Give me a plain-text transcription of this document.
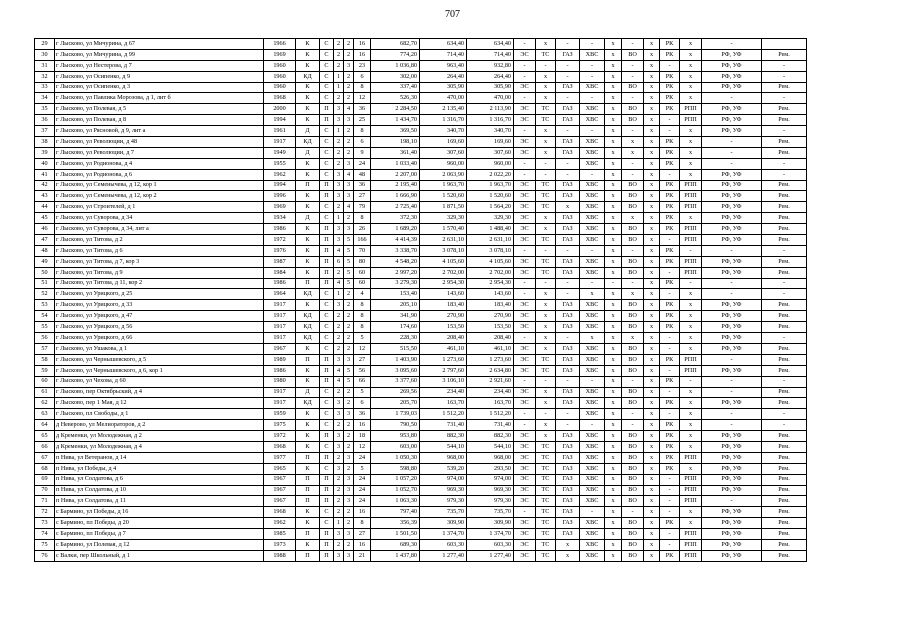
707
29	г Лысково, ул Мичурина, д 67	1966	К	С	2	2	16	682,70	634,40	634,40	-	х	-	-	х	-	х	РК	х	-	
30	г Лысково, ул Мичурина, д 99	1969	К	С	2	2	16	774,20	714,40	714,40	ЭС	ТС	ГАЗ	ХВС	х	ВО	х	РК	х	РФ, УФ	Рем.
31	г Лысково, ул Нестерова, д 7	1960	К	С	2	3	23	1 036,80	963,40	932,80	-	-	-	-	х	-	х	-	х	РФ, УФ	-
32	г Лысково, ул Осипенко, д 9	1960	КД	С	1	2	6	302,00	264,40	264,40	-	х	-	-	х	-	х	РК	х	РФ, УФ	-
33	г Лысково, ул Осипенко, д 3	1960	К	С	1	2	8	337,40	305,90	305,90	ЭС	х	ГАЗ	ХВС	х	ВО	х	РК	х	РФ, УФ	Рем.
34	г Лысково, ул Павлика Морозова, д 1, лит б	1968	К	С	2	2	12	526,30	470,00	470,00	-	х	-	-	х	-	х	РК	х	-	-
35	г Лысково, ул Полевая, д 5	2000	К	П	3	4	36	2 284,50	2 135,40	2 113,90	ЭС	ТС	ГАЗ	ХВС	х	ВО	х	РК	РПП	РФ, УФ	Рем.
36	г Лысково, ул Полевая, д 8	1994	К	П	3	3	25	1 434,70	1 316,70	1 316,70	ЭС	ТС	ГАЗ	ХВС	х	ВО	х	-	РПП	РФ, УФ	Рем.
37	г Лысково, ул Рясновой, д 9, лит а	1961	Д	С	1	2	8	369,50	340,70	340,70	-	х	-	-	х	-	х	-	х	РФ, УФ	-
38	г Лысково, ул Революции, д 48	1917	КД	С	2	2	6	198,10	169,60	169,60	ЭС	х	ГАЗ	ХВС	х	х	х	РК	х	-	Рем.
39	г Лысково, ул Революции, д 7	1949	Д	С	2	2	9	361,40	307,60	307,60	ЭС	х	ГАЗ	ХВС	х	х	х	РК	х	-	Рем.
40	г Лысково, ул Родионова, д 4	1955	К	С	2	3	24	1 033,40	960,00	960,00	-	-	-	ХВС	х	-	х	РК	х	-	-
41	г Лысково, ул Родионова, д 6	1962	К	С	3	4	48	2 207,00	2 063,90	2 022,20	-	-	-	-	х	-	х	-	х	РФ, УФ	-
42	г Лысково, ул Семенычева, д 12, кор 1	1994	П	П	3	3	36	2 195,40	1 963,70	1 963,70	ЭС	ТС	ГАЗ	ХВС	х	ВО	х	РК	РПП	РФ, УФ	Рем.
43	г Лысково, ул Семенычева, д 12, кор 2	1996	К	П	3	3	27	1 666,90	1 520,60	1 520,60	ЭС	ТС	ГАЗ	ХВС	х	ВО	х	РК	РПП	РФ, УФ	Рем.
44	г Лысково, ул Строителей, д 1	1969	К	С	2	4	79	2 725,40	1 871,50	1 564,20	ЭС	ТС	х	ХВС	х	ВО	х	РК	РПП	РФ, УФ	Рем.
45	г Лысково, ул Суворова, д 34	1934	Д	С	1	2	8	372,30	329,30	329,30	ЭС	х	ГАЗ	ХВС	х	х	х	РК	х	РФ, УФ	Рем.
46	г Лысково, ул Суворова, д 34, лит а	1986	К	П	3	3	26	1 689,20	1 570,40	1 488,40	ЭС	х	ГАЗ	ХВС	х	ВО	х	РК	РПП	РФ, УФ	Рем.
47	г Лысково, ул Титова, д 2	1972	К	П	3	5	166	4 414,39	2 631,10	2 631,10	ЭС	ТС	ГАЗ	ХВС	х	ВО	х	-	РПП	РФ, УФ	Рем.
48	г Лысково, ул Титова, д 6	1976	К	П	4	5	70	3 338,70	3 078,10	3 078,10	-	-	-	-	х	-	х	РК	-	-	-
49	г Лысково, ул Титова, д 7, кор 3	1987	К	П	6	5	80	4 548,20	4 105,60	4 105,60	ЭС	ТС	ГАЗ	ХВС	х	ВО	х	РК	РПП	РФ, УФ	Рем.
50	г Лысково, ул Титова, д 9	1984	К	П	2	5	60	2 997,20	2 702,00	2 702,00	ЭС	ТС	ГАЗ	ХВС	х	ВО	х	-	РПП	РФ, УФ	Рем.
51	г Лысково, ул Титова, д 11, кор 2	1986	П	П	4	5	60	3 279,30	2 954,30	2 954,30	-	-	-	-	-	-	х	РК	-	-	-
52	г Лысково, ул Урицкого, д 25	1964	КД	С	1	2	4	153,40	143,60	143,60	-	х	-	х	х	х	х	-	х	-	-
53	г Лысково, ул Урицкого, д 33	1917	К	С	3	2	8	205,10	183,40	183,40	ЭС	х	ГАЗ	ХВС	х	ВО	х	РК	х	РФ, УФ	Рем.
54	г Лысково, ул Урицкого, д 47	1917	КД	С	2	2	8	341,90	270,90	270,90	ЭС	х	ГАЗ	ХВС	х	ВО	х	РК	х	РФ, УФ	Рем.
55	г Лысково, ул Урицкого, д 56	1917	КД	С	2	2	8	174,60	153,50	153,50	ЭС	х	ГАЗ	ХВС	х	ВО	х	РК	х	РФ, УФ	Рем.
56	г Лысково, ул Урицкого, д 66	1917	КД	С	2	2	5	228,30	208,40	208,40	-	х	-	х	х	х	х	-	х	РФ, УФ	-
57	г Лысково, ул Ушакова, д 1	1967	К	С	2	2	12	515,50	461,10	461,10	ЭС	х	ГАЗ	ХВС	х	ВО	х	-	х	РФ, УФ	Рем.
58	г Лысково, ул Чернышевского, д 5	1989	П	П	3	3	27	1 403,90	1 273,60	1 273,60	ЭС	ТС	ГАЗ	ХВС	х	ВО	х	РК	РПП	-	Рем.
59	г Лысково, ул Чернышевского, д 6, кор 1	1986	К	П	4	5	56	3 095,60	2 797,60	2 634,80	ЭС	ТС	ГАЗ	ХВС	х	ВО	х	-	РПП	РФ, УФ	Рем.
60	г Лысково, ул Чехова, д 60	1980	К	П	4	5	66	3 377,60	3 106,10	2 921,60	-	-	-	-	х	-	х	РК	-	-	-
61	г Лысково, пер Октябрьский, д 4	1917	Д	С	2	2	5	269,56	234,40	234,40	ЭС	х	ГАЗ	ХВС	х	ВО	х	-	х	-	Рем.
62	г Лысково, пер 1 Мая, д 12	1917	КД	С	3	2	6	205,70	163,70	163,70	ЭС	х	ГАЗ	ХВС	х	ВО	х	РК	х	РФ, УФ	Рем.
63	г Лысково, пл Свободы, д 1	1959	К	С	3	3	36	1 739,03	1 512,20	1 512,20	-	-	-	ХВС	х	-	х	-	х	-	-
64	д Неверово, ул Мелиораторов, д 2	1975	К	С	2	2	16	790,50	731,40	731,40	-	х	-	-	х	-	х	РК	х	-	-
65	д Кременки, ул Молодежная, д 2	1972	К	П	3	2	18	953,80	882,30	882,30	ЭС	х	ГАЗ	ХВС	х	ВО	х	РК	х	РФ, УФ	Рем.
66	д Кременки, ул Молодежная, д 4	1968	К	С	3	2	12	603,00	544,10	544,10	ЭС	ТС	ГАЗ	ХВС	х	ВО	х	РК	х	РФ, УФ	Рем.
67	п Нива, ул Ветеранов, д 14	1977	П	П	2	3	24	1 050,30	968,00	968,00	ЭС	ТС	ГАЗ	ХВС	х	ВО	х	РК	РПП	РФ, УФ	Рем.
68	п Нива, ул Победы, д 4	1965	К	С	3	2	5	598,80	539,20	293,50	ЭС	ТС	ГАЗ	ХВС	х	ВО	х	РК	х	РФ, УФ	Рем.
69	п Нива, ул Солдатова, д 6	1967	П	П	2	3	24	1 057,20	974,00	974,00	ЭС	ТС	ГАЗ	ХВС	х	ВО	х	-	РПП	РФ, УФ	Рем.
70	п Нива, ул Солдатова, д 10	1967	П	П	2	3	24	1 052,70	969,30	969,30	ЭС	ТС	ГАЗ	ХВС	х	ВО	х	-	РПП	РФ, УФ	Рем.
71	п Нива, ул Солдатова, д 11	1967	П	П	2	3	24	1 063,30	979,30	979,30	ЭС	ТС	ГАЗ	ХВС	х	ВО	х	-	РПП	-	Рем.
72	с Бармино, ул Победы, д 16	1968	К	С	2	2	16	797,40	735,70	735,70	-	ТС	ГАЗ	-	х	-	х	-	х	РФ, УФ	Рем.
73	с Бармино, пл Победы, д 20	1962	К	С	1	2	8	356,39	309,90	309,90	ЭС	ТС	ГАЗ	ХВС	х	ВО	х	РК	х	РФ, УФ	Рем.
74	с Бармино, пл Победы, д 7	1985	П	П	3	3	27	1 501,50	1 374,70	1 374,70	ЭС	ТС	ГАЗ	ХВС	х	ВО	х	-	РПП	РФ, УФ	Рем.
75	с Бармино, ул Полевая, д 12	1973	К	П	2	2	16	689,30	603,30	603,30	ЭС	ТС	х	ХВС	х	ВО	х	-	РПП	РФ, УФ	Рем.
76	с Валки, пер Школьный, д 1	1988	П	П	3	3	21	1 437,80	1 277,40	1 277,40	ЭС	ТС	х	ХВС	х	ВО	х	РК	РПП	РФ, УФ	Рем.
